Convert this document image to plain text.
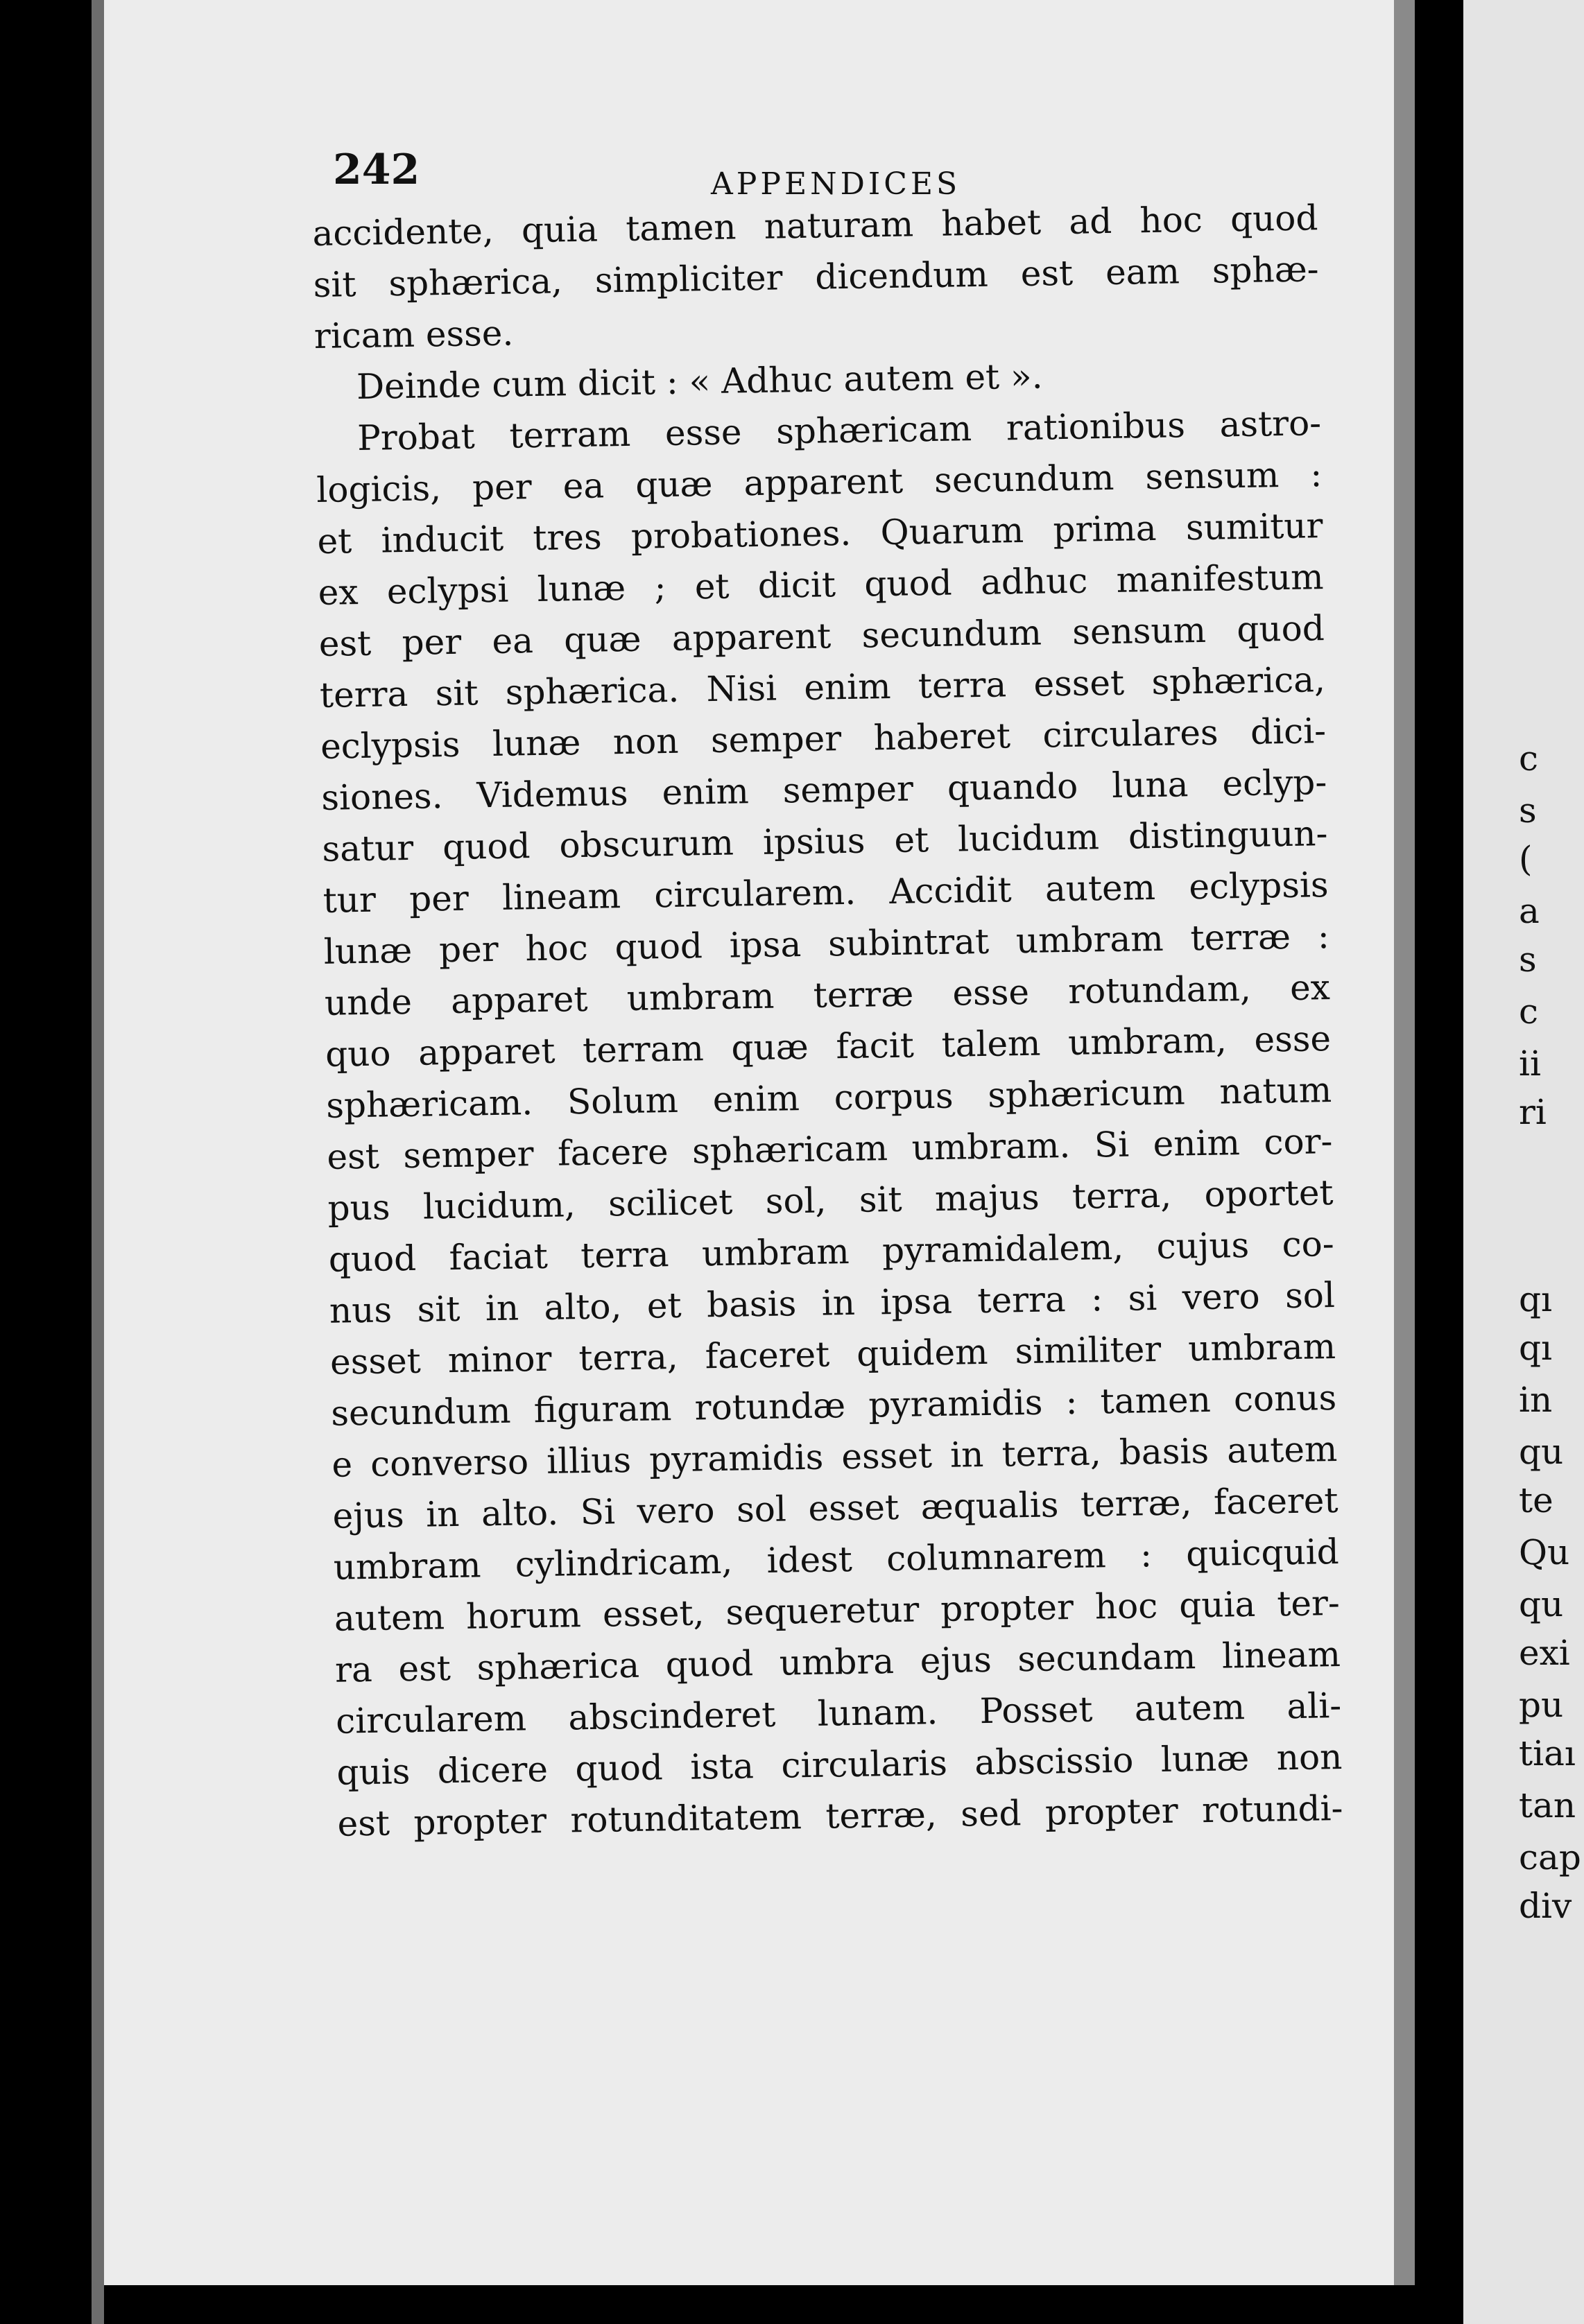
242	APPENDICES
accidente, quia tamen naturam habet ad hoc quod
sit sphærica, simpliciter dicendum est eam sphæ-
ricam esse.
Deinde cum dicit : « Adhuc autem et ».
Probat terram esse sphæricam rationibus astro-
logicis, per ea quæ apparent secundum sensum :
et inducit tres probationes. Quarum prima sumitur
ex eclypsi lunæ ; et dicit quod adhuc manifestum
est per ea quæ apparent secundum sensum quod
terra sit sphærica. Nisi enim terra esset sphærica,
eclypsis lunæ non semper haberet circulares dici-
siones. Videmus enim semper quando luna eclyp-
satur quod obscurum ipsius et lucidum distinguun-
tur per lineam circularem. Accidit autem eclypsis
lunæ per hoc quod ipsa subintrat umbram terræ :
unde apparet umbram terræ esse rotundam, ex
quo apparet terram quæ facit talem umbram, esse
sphæricam. Solum enim corpus sphæricum natum
est semper facere sphæricam umbram. Si enim cor-
pus lucidum, scilicet sol, sit majus terra, oportet
quod faciat terra umbram pyramidalem, cujus co-
nus sit in alto, et basis in ipsa terra : si vero sol
esset minor terra, faceret quidem similiter umbram
secundum figuram rotundæ pyramidis : tamen conus
e converso illius pyramidis esset in terra, basis autem
ejus in alto. Si vero sol esset æqualis terræ, faceret
umbram cylindricam, idest columnarem : quicquid
autem horum esset, sequeretur propter hoc quia ter-
ra est sphærica quod umbra ejus secundam lineam
circularem abscinderet lunam. Posset autem ali-
quis dicere quod ista circularis abscissio lunæ non
est propter rotunditatem terræ, sed propter rotundi-
c
s
(
a
s
c
ii
ri
qı
qı
in
qu
te
Qu
qu
exi
pu
tiaı
tan
cap
div
